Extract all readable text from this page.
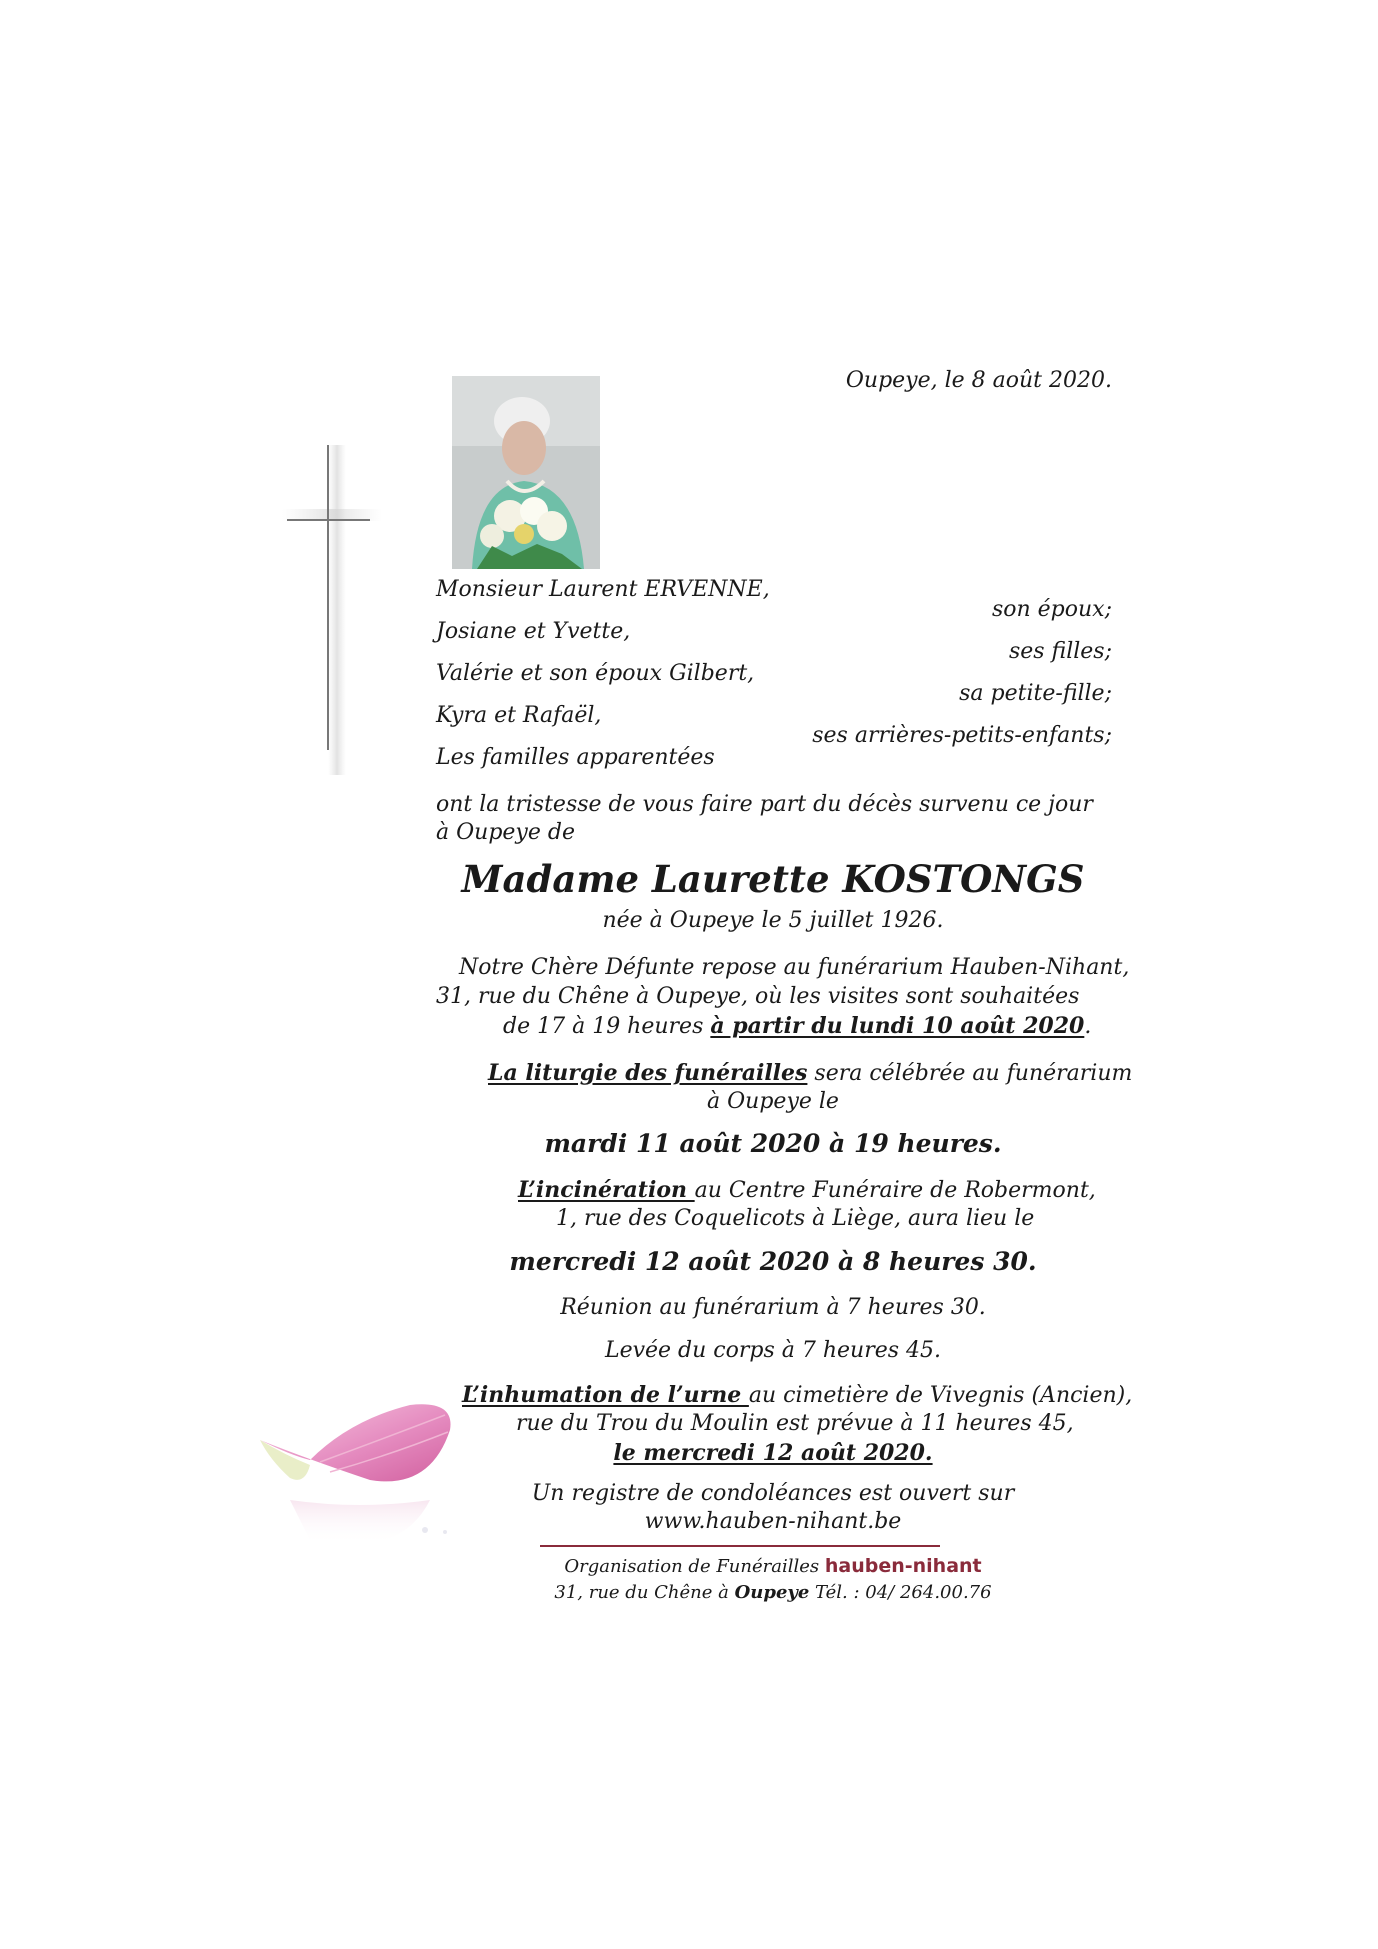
Oupeye, le 8 août 2020.
Monsieur Laurent ERVENNE,
Josiane et Yvette,
Valérie et son époux Gilbert,
Kyra et Rafaël,
Les familles apparentées
son époux;
ses filles;
sa petite-fille;
ses arrières-petits-enfants;
ont la tristesse de vous faire part du décès survenu ce jour
à Oupeye de
Madame Laurette KOSTONGS
née à Oupeye le 5 juillet 1926.
Notre Chère Défunte repose au funérarium Hauben-Nihant,
31, rue du Chêne à Oupeye, où les visites sont souhaitées
de 17 à 19 heures à partir du lundi 10 août 2020.
La liturgie des funérailles sera célébrée au funérarium
à Oupeye le
mardi 11 août 2020 à 19 heures.
L’incinération au Centre Funéraire de Robermont,
1, rue des Coquelicots à Liège, aura lieu le
mercredi 12 août 2020 à 8 heures 30.
Réunion au funérarium à 7 heures 30.
Levée du corps à 7 heures 45.
L’inhumation de l’urne au cimetière de Vivegnis (Ancien),
rue du Trou du Moulin est prévue à 11 heures 45,
le mercredi 12 août 2020.
Un registre de condoléances est ouvert sur
www.hauben-nihant.be
Organisation de Funérailles hauben-nihant
31, rue du Chêne à Oupeye Tél. : 04/ 264.00.76
